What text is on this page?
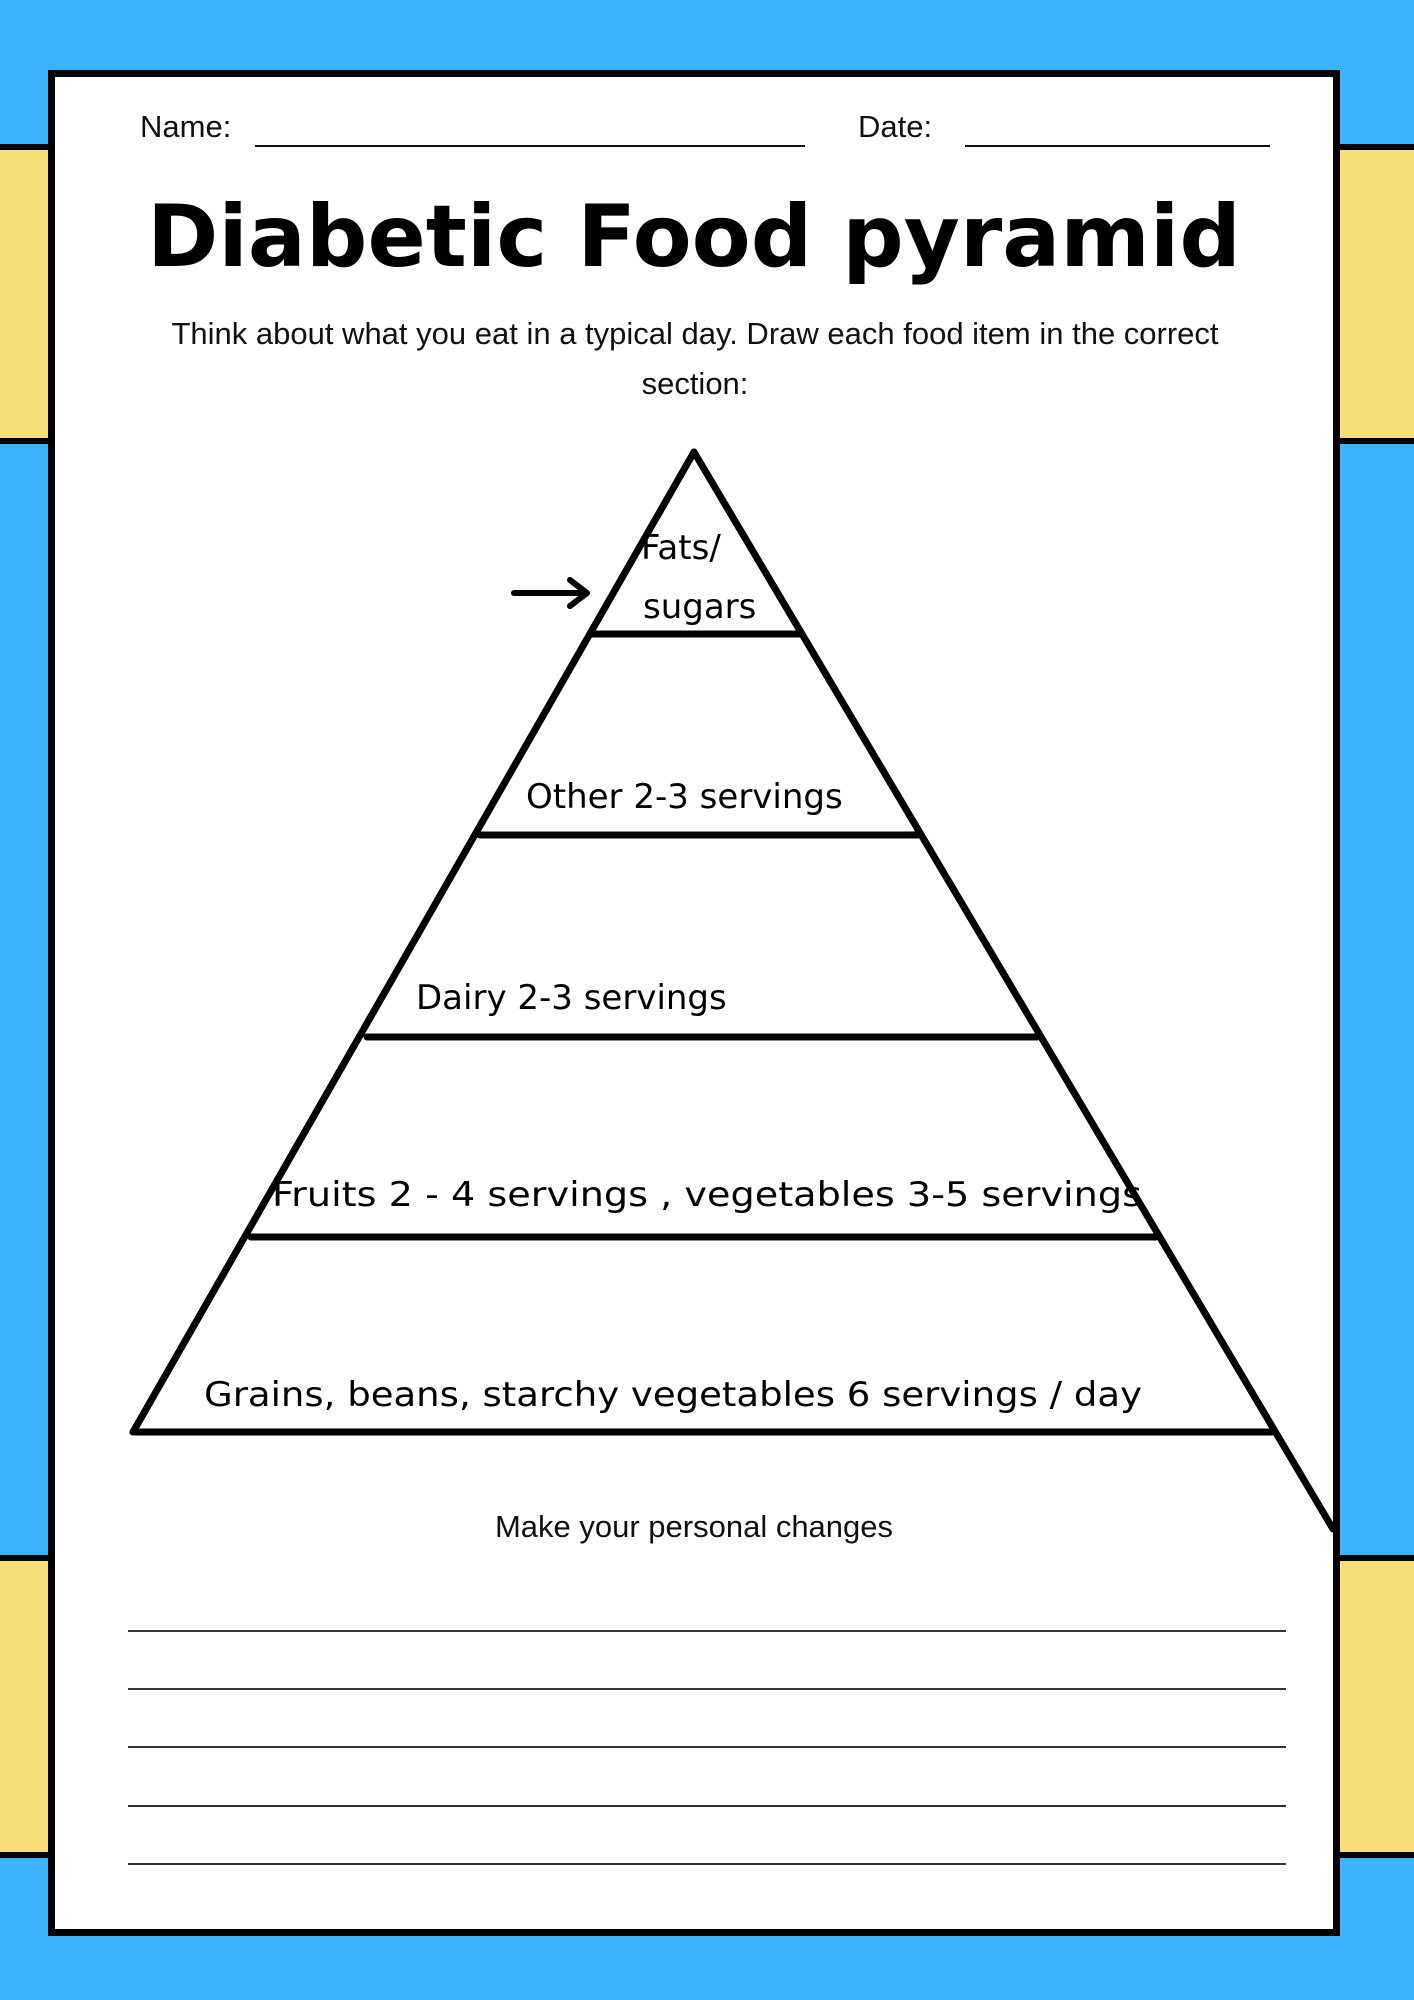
Name:	Date:
Diabetic Food pyramid

Think about what you eat in a typical day. Draw each food item in the correct section:

Make your personal changes
Fats/
sugars
Other 2-3 servings
Dairy 2-3 servings
Fruits 2 - 4 servings , vegetables 3-5 servings
Grains, beans, starchy vegetables 6 servings / day
